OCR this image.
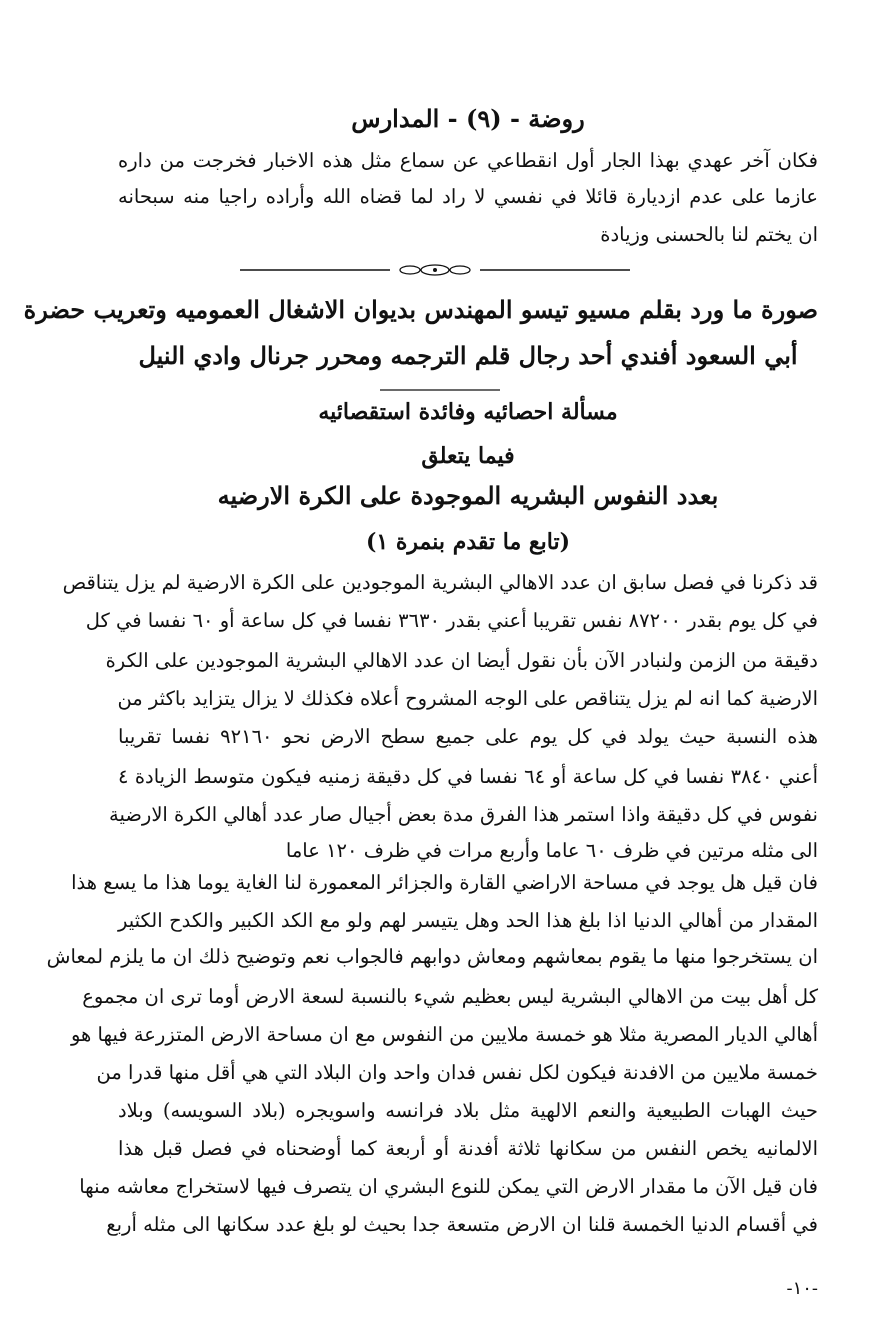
روضة - (٩) - المدارس

فكان آخر عهدي بهذا الجار أول انقطاعي عن سماع مثل هذه الاخبار فخرجت من داره

عازما على عدم ازديارة قائلا في نفسي لا راد لما قضاه الله وأراده راجيا منه سبحانه

ان يختم لنا بالحسنى وزيادة

صورة ما ورد بقلم مسيو تيسو المهندس بديوان الاشغال العموميه وتعريب حضرة

أبي السعود أفندي أحد رجال قلم الترجمه ومحرر جرنال وادي النيل

مسألة احصائيه وفائدة استقصائيه

فيما يتعلق

بعدد النفوس البشريه الموجودة على الكرة الارضيه

(تابع ما تقدم بنمرة ١)

قد ذكرنا في فصل سابق ان عدد الاهالي البشرية الموجودين على الكرة الارضية لم يزل يتناقص

في كل يوم بقدر ٨٧٢٠٠ نفس تقريبا أعني بقدر ٣٦٣٠ نفسا في كل ساعة أو ٦٠ نفسا في كل

دقيقة من الزمن ولنبادر الآن بأن نقول أيضا ان عدد الاهالي البشرية الموجودين على الكرة

الارضية كما انه لم يزل يتناقص على الوجه المشروح أعلاه فكذلك لا يزال يتزايد باكثر من

هذه النسبة حيث يولد في كل يوم على جميع سطح الارض نحو ٩٢١٦٠ نفسا تقريبا

أعني ٣٨٤٠ نفسا في كل ساعة أو ٦٤ نفسا في كل دقيقة زمنيه فيكون متوسط الزيادة ٤

نفوس في كل دقيقة واذا استمر هذا الفرق مدة بعض أجيال صار عدد أهالي الكرة الارضية

الى مثله مرتين في ظرف ٦٠ عاما وأربع مرات في ظرف ١٢٠ عاما

فان قيل هل يوجد في مساحة الاراضي القارة والجزائر المعمورة لنا الغاية يوما هذا ما يسع هذا

المقدار من أهالي الدنيا اذا بلغ هذا الحد وهل يتيسر لهم ولو مع الكد الكبير والكدح الكثير

ان يستخرجوا منها ما يقوم بمعاشهم ومعاش دوابهم فالجواب نعم وتوضيح ذلك ان ما يلزم لمعاش

كل أهل بيت من الاهالي البشرية ليس بعظيم شيء بالنسبة لسعة الارض أوما ترى ان مجموع

أهالي الديار المصرية مثلا هو خمسة ملايين من النفوس مع ان مساحة الارض المتزرعة فيها هو

خمسة ملايين من الافدنة فيكون لكل نفس فدان واحد وان البلاد التي هي أقل منها قدرا من

حيث الهبات الطبيعية والنعم الالهية مثل بلاد فرانسه واسويجره (بلاد السويسه) وبلاد

الالمانيه يخص النفس من سكانها ثلاثة أفدنة أو أربعة كما أوضحناه في فصل قبل هذا

فان قيل الآن ما مقدار الارض التي يمكن للنوع البشري ان يتصرف فيها لاستخراج معاشه منها

في أقسام الدنيا الخمسة قلنا ان الارض متسعة جدا بحيث لو بلغ عدد سكانها الى مثله أربع

-١٠-
